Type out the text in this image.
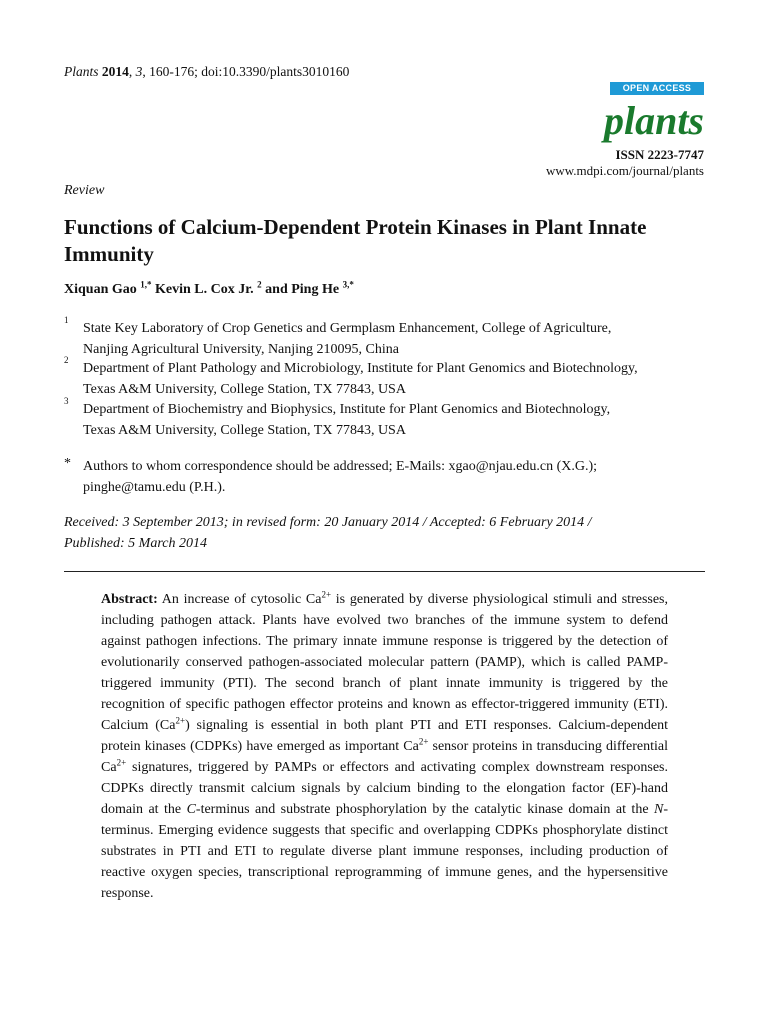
Plants 2014, 3, 160-176; doi:10.3390/plants3010160
OPEN ACCESS
plants
ISSN 2223-7747
www.mdpi.com/journal/plants
Review
Functions of Calcium-Dependent Protein Kinases in Plant Innate Immunity
Xiquan Gao $^{1,*}$ Kevin L. Cox Jr. $^2$ and Ping He $^{3,*}$
1
State Key Laboratory of Crop Genetics and Germplasm Enhancement, College of Agriculture,
Nanjing Agricultural University, Nanjing 210095, China
2
Department of Plant Pathology and Microbiology, Institute for Plant Genomics and Biotechnology,
Texas A&M University, College Station, TX 77843, USA
3
Department of Biochemistry and Biophysics, Institute for Plant Genomics and Biotechnology,
Texas A&M University, College Station, TX 77843, USA
* Authors to whom correspondence should be addressed; E-Mails: xgao@njau.edu.cn (X.G.);
pinghe@tamu.edu (P.H.).
Received: 3 September 2013; in revised form: 20 January 2014 / Accepted: 6 February 2014 /
Published: 5 March 2014
Abstract: An increase of cytosolic $Ca^{2+}$ is generated by diverse physiological stimuli and stresses, including pathogen attack. Plants have evolved two branches of the immune system to defend against pathogen infections. The primary innate immune response is triggered by the detection of evolutionarily conserved pathogen-associated molecular pattern (PAMP), which is called PAMP-triggered immunity (PTI). The second branch of plant innate immunity is triggered by the recognition of specific pathogen effector proteins and known as effector-triggered immunity (ETI). Calcium $(Ca^{2+})$ signaling is essential in both plant PTI and ETI responses. Calcium-dependent protein kinases (CDPKs) have emerged as important $Ca^{2+}$ sensor proteins in transducing differential $Ca^{2+}$ signatures, triggered by PAMPs or effectors and activating complex downstream responses. CDPKs directly transmit calcium signals by calcium binding to the elongation factor (EF)-hand domain at the C-terminus and substrate phosphorylation by the catalytic kinase domain at the N-terminus. Emerging evidence suggests that specific and overlapping CDPKs phosphorylate distinct substrates in PTI and ETI to regulate diverse plant immune responses, including production of reactive oxygen species, transcriptional reprogramming of immune genes, and the hypersensitive response.
